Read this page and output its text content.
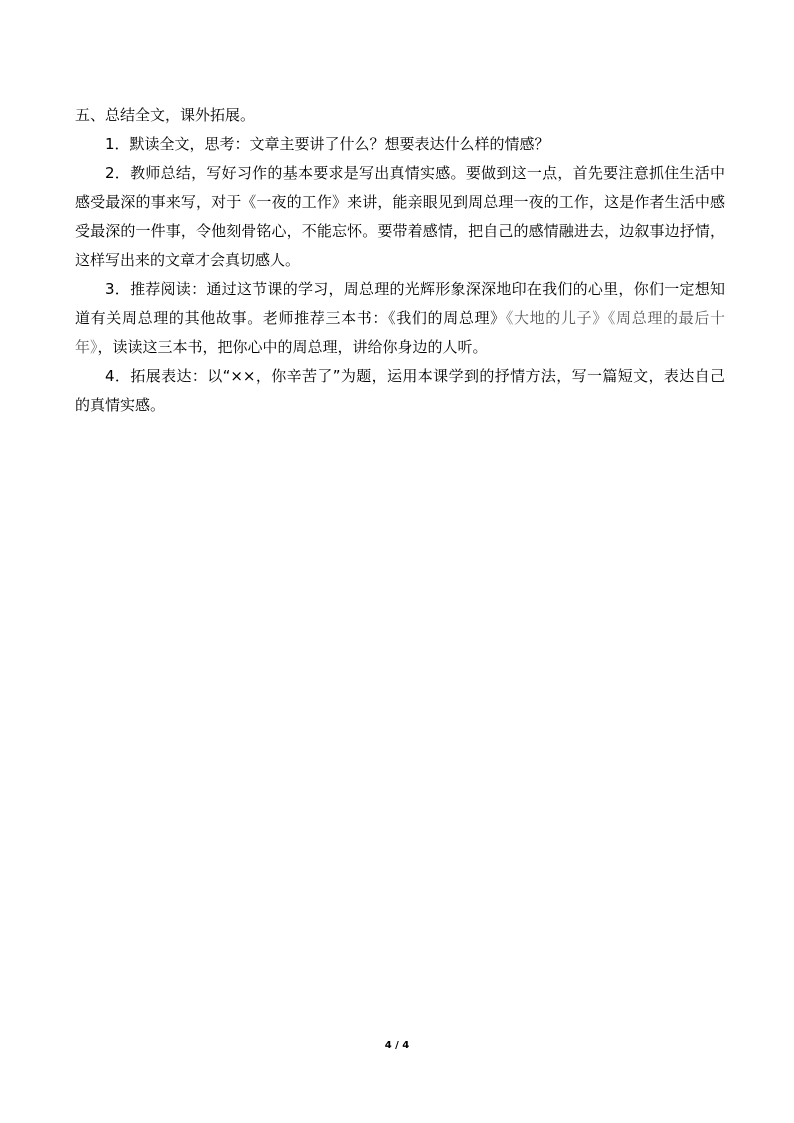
五、总结全文，课外拓展。

1．默读全文，思考：文章主要讲了什么？想要表达什么样的情感？

2．教师总结，写好习作的基本要求是写出真情实感。要做到这一点，首先要注意抓住生活中感受最深的事来写，对于《一夜的工作》来讲，能亲眼见到周总理一夜的工作，这是作者生活中感受最深的一件事，令他刻骨铭心，不能忘怀。要带着感情，把自己的感情融进去，边叙事边抒情，这样写出来的文章才会真切感人。

3．推荐阅读：通过这节课的学习，周总理的光辉形象深深地印在我们的心里，你们一定想知道有关周总理的其他故事。老师推荐三本书：《我们的周总理》《大地的儿子》《周总理的最后十年》，读读这三本书，把你心中的周总理，讲给你身边的人听。

4．拓展表达：以“××，你辛苦了”为题，运用本课学到的抒情方法，写一篇短文，表达自己的真情实感。

4 / 4
